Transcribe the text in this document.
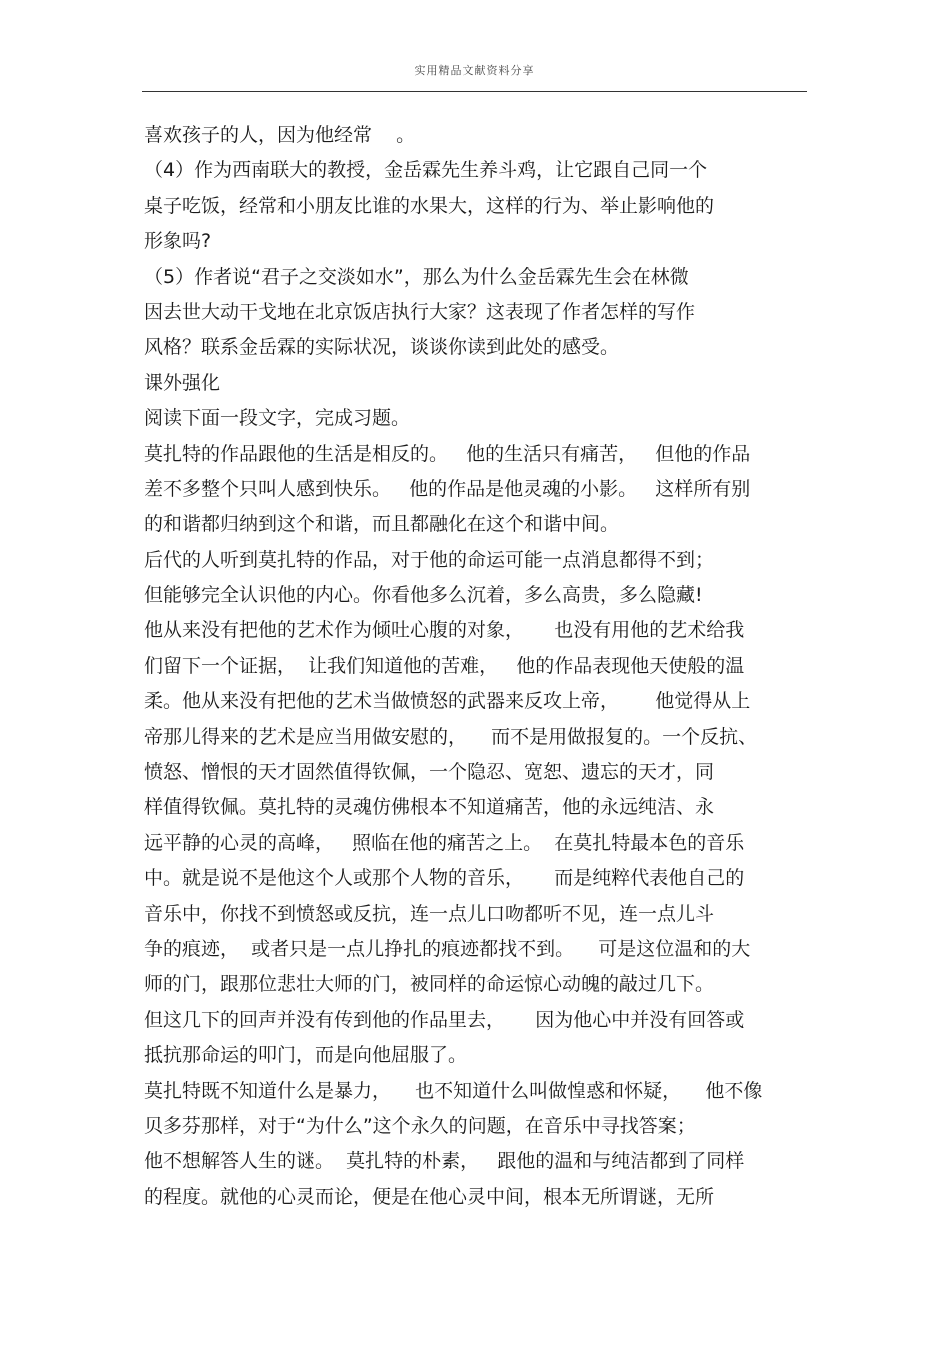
实用精品文献资料分享
喜欢孩子的人，因为他经常    。
（4）作为西南联大的教授，金岳霖先生养斗鸡，让它跟自己同一个
桌子吃饭，经常和小朋友比谁的水果大，这样的行为、举止影响他的
形象吗?
（5）作者说“君子之交淡如水”，那么为什么金岳霖先生会在林微
因去世大动干戈地在北京饭店执行大家？这表现了作者怎样的写作
风格？联系金岳霖的实际状况，谈谈你读到此处的感受。
课外强化
阅读下面一段文字，完成习题。
莫扎特的作品跟他的生活是相反的。   他的生活只有痛苦，   但他的作品
差不多整个只叫人感到快乐。   他的作品是他灵魂的小影。   这样所有别
的和谐都归纳到这个和谐，而且都融化在这个和谐中间。
后代的人听到莫扎特的作品，对于他的命运可能一点消息都得不到；
但能够完全认识他的内心。你看他多么沉着，多么高贵，多么隐藏!
他从来没有把他的艺术作为倾吐心腹的对象，     也没有用他的艺术给我
们留下一个证据，  让我们知道他的苦难，   他的作品表现他天使般的温
柔。他从来没有把他的艺术当做愤怒的武器来反攻上帝，      他觉得从上
帝那儿得来的艺术是应当用做安慰的，    而不是用做报复的。一个反抗、
愤怒、憎恨的天才固然值得钦佩，一个隐忍、宽恕、遗忘的天才，同
样值得钦佩。莫扎特的灵魂仿佛根本不知道痛苦，他的永远纯洁、永
远平静的心灵的高峰，   照临在他的痛苦之上。  在莫扎特最本色的音乐
中。就是说不是他这个人或那个人物的音乐，     而是纯粹代表他自己的
音乐中，你找不到愤怒或反抗，连一点儿口吻都听不见，连一点儿斗
争的痕迹，  或者只是一点儿挣扎的痕迹都找不到。    可是这位温和的大
师的门，跟那位悲壮大师的门，被同样的命运惊心动魄的敲过几下。
但这几下的回声并没有传到他的作品里去，     因为他心中并没有回答或
抵抗那命运的叩门，而是向他屈服了。
莫扎特既不知道什么是暴力，    也不知道什么叫做惶惑和怀疑，    他不像
贝多芬那样，对于“为什么”这个永久的问题，在音乐中寻找答案；
他不想解答人生的谜。  莫扎特的朴素，   跟他的温和与纯洁都到了同样
的程度。就他的心灵而论，便是在他心灵中间，根本无所谓谜，无所
